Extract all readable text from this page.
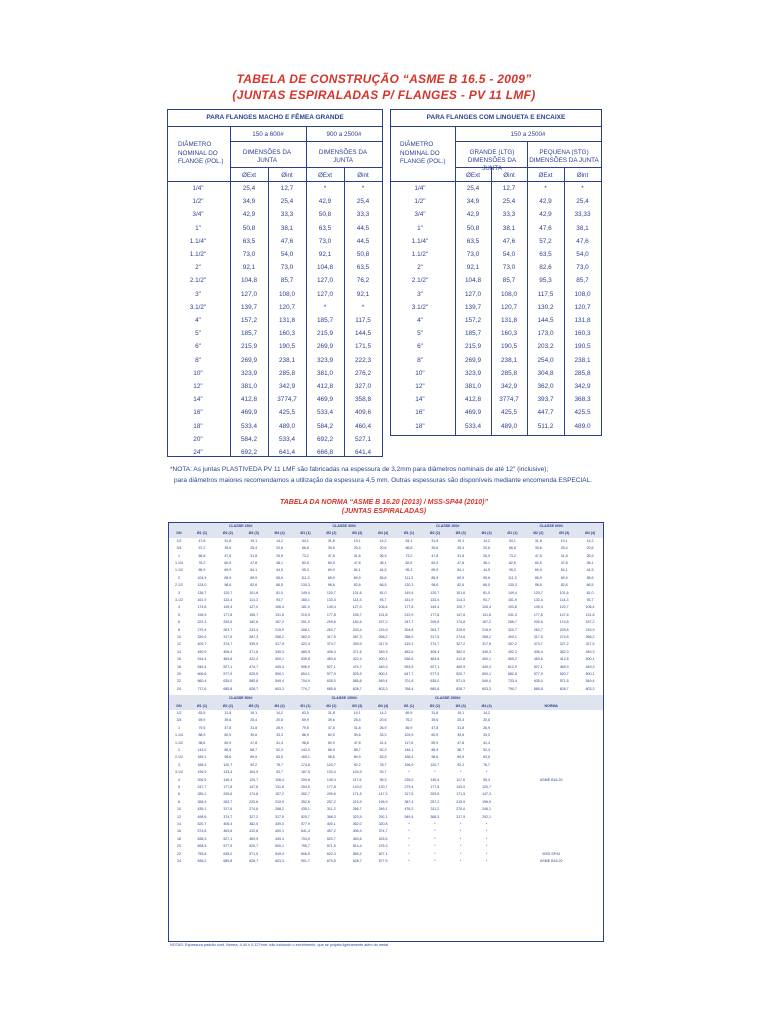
TABELA DE CONSTRUÇÃO “ASME B 16.5 - 2009”
(JUNTAS ESPIRALADAS P/ FLANGES - PV 11 LMF)
PARA FLANGES MACHO E FÊMEA GRANDE
150 a 600#	900 a 2500#
DIÂMETRO NOMINAL DO FLANGE (POL.)
DIMENSÕES DA JUNTA
DIMENSÕES DA JUNTA
ØExt	Øint	ØExt	Øint
1/4"	25,4	12,7	*	*
1/2"	34,9	25,4	42,9	25,4
3/4"	42,9	33,3	50,8	33,3
1"	50,8	38,1	63,5	44,5
1.1/4"	63,5	47,6	73,0	44,5
1.1/2"	73,0	54,0	92,1	50,8
2"	92,1	73,0	104,8	63,5
2.1/2"	104,8	85,7	127,0	76,2
3"	127,0	108,0	127,0	92,1
3.1/2"	139,7	120,7	*	*
4"	157,2	131,8	185,7	117,5
5"	185,7	160,3	215,9	144,5
6"	215,9	190,5	269,9	171,5
8"	269,9	238,1	323,9	222,3
10"	323,9	285,8	381,0	276,2
12"	381,0	342,9	412,8	327,0
14"	412,8	3774,7	469,9	358,8
16"	469,9	425,5	533,4	409,6
18"	533,4	489,0	584,2	460,4
20"	584,2	533,4	692,2	527,1
24"	692,2	641,4	666,8	641,4
PARA FLANGES COM LINGUETA E ENCAIXE
150 a 2500#
DIÂMETRO NOMINAL DO FLANGE (POL.)
GRANDE (LTG) DIMENSÕES DA JUNTA
PEQUENA (STG) DIMENSÕES DA JUNTA
ØExt	Øint	ØExt	Øint
1/4"	25,4	12,7	*	*
1/2"	34,9	25,4	42,9	25,4
3/4"	42,9	33,3	42,9	33,33
1"	50,8	38,1	47,6	38,1
1.1/4"	63,5	47,6	57,2	47,6
1.1/2"	73,0	54,0	63,5	54,0
2"	92,1	73,0	82,6	73,0
2.1/2"	104,8	85,7	95,3	85,7
3"	127,0	108,0	117,5	108,0
3.1/2"	139,7	120,7	130,2	120,7
4"	157,2	131,8	144,5	131,8
5"	185,7	160,3	173,0	160,3
6"	215,9	190,5	203,2	190,5
8"	269,9	238,1	254,0	238,1
10"	323,9	285,8	304,8	285,8
12"	381,0	342,9	362,0	342,9
14"	412,8	3774,7	393,7	368,3
16"	469,9	425,5	447,7	425,5
18"	533,4	489,0	511,2	489,0
*NOTA: As juntas PLASTIVEDA PV 11 LMF são fabricadas na espessura de 3,2mm para diâmetros nominais de até 12" (inclusive);
para diâmetros maiores recomendamos a utilização da espessura 4,5 mm. Outras espessuras são disponíveis mediante encomenda ESPECIAL.
TABELA DA NORMA “ASME B 16.20 (2013) / MSS-SP44 (2010)”
(JUNTAS ESPIRALADAS)
CLASSE 150#	CLASSE 300#	CLASSE 400#	CLASSE 600#
DN	Ø1 (1)	Ø2 (2)	Ø3 (3)	Ø4 (4)	Ø1 (1)	Ø2 (2)	Ø3 (3)	Ø4 (4)	Ø1 (1)	Ø2 (2)	Ø3 (3)	Ø4 (4)	Ø1 (1)	Ø2 (2)	Ø3 (3)	Ø4 (4)
1/2	47,8	31,8	19,1	14,2	54,1	31,8	19,1	14,2	54,1	31,8	19,1	14,2	54,1	31,8	19,1	14,2
3/4	57,2	39,6	25,4	20,6	66,8	39,6	25,4	20,6	66,8	39,6	25,4	20,6	66,8	39,6	25,4	20,6
1	66,8	47,8	31,8	26,9	73,2	47,8	31,8	26,9	73,2	47,8	31,8	26,9	73,2	47,8	31,8	26,9
1.1/4	76,2	60,5	47,8	38,1	82,6	60,5	47,8	38,1	82,6	60,5	47,8	38,1	82,6	60,5	47,8	38,1
1.1/2	85,9	69,9	54,1	44,5	95,3	69,9	54,1	44,5	95,3	69,9	54,1	44,5	95,3	69,9	54,1	44,5
2	104,9	85,9	69,9	55,6	111,3	85,9	69,9	55,6	111,3	85,9	69,9	55,6	111,3	85,9	69,9	55,6
2.1/2	124,0	98,6	82,6	66,5	130,3	98,6	82,6	66,5	130,3	98,6	82,6	66,5	130,3	98,6	82,6	66,5
3	136,7	120,7	101,6	81,0	149,4	120,7	101,6	81,0	149,4	120,7	101,6	81,0	149,4	120,7	101,6	81,0
3.1/2	161,9	133,4	114,3	93,7	165,1	133,4	114,3	93,7	161,9	133,4	114,3	93,7	161,9	133,4	114,3	93,7
4	174,8	149,4	127,0	106,4	181,0	149,4	127,0	106,4	177,8	149,4	120,7	106,4	193,8	149,4	120,7	106,4
5	196,9	177,8	155,7	131,8	215,9	177,8	155,7	131,8	212,9	177,8	147,6	131,8	241,3	177,8	147,6	131,8
6	222,3	209,6	182,6	157,2	251,0	209,6	182,6	157,2	247,7	209,6	174,8	157,2	266,7	209,6	174,8	157,2
8	279,4	263,7	233,4	215,9	308,1	263,7	233,4	215,9	304,8	263,7	225,6	215,9	320,7	263,7	225,6	215,9
10	339,9	317,5	287,3	268,2	362,0	317,5	287,3	268,2	358,9	317,5	274,6	268,2	400,1	317,5	274,6	268,2
12	409,7	374,7	339,9	317,5	422,4	374,7	339,9	317,5	419,1	374,7	327,2	317,5	457,2	374,7	327,2	317,5
14	450,9	406,4	371,6	349,3	485,9	406,4	371,6	349,3	482,6	406,4	362,0	349,3	492,3	406,4	362,0	349,3
16	514,4	463,6	422,4	400,1	539,8	463,6	422,4	400,1	536,6	463,6	412,8	400,1	565,2	463,6	412,8	400,1
18	549,4	527,1	474,7	449,3	596,9	527,1	474,7	449,3	593,9	527,1	469,9	449,3	612,9	527,1	469,9	449,3
20	606,6	577,9	525,5	500,1	654,1	577,9	525,5	500,1	647,7	577,9	520,7	500,1	682,8	577,9	520,7	500,1
22	660,4	635,0	585,8	549,4	704,9	635,0	585,8	549,4	701,8	635,0	571,5	549,4	733,4	635,0	571,5	549,4
24	717,6	685,8	628,7	603,3	774,7	685,8	628,7	603,3	768,4	685,8	628,7	603,3	790,7	685,8	628,7	603,3
CLASSE 900#	CLASSE 1500#	CLASSE 2500#
DN	Ø1 (1)	Ø2 (2)	Ø3 (3)	Ø4 (4)	Ø1 (1)	Ø2 (2)	Ø3 (3)	Ø4 (4)	Ø1 (1)	Ø2 (2)	Ø3 (3)	Ø4 (4)	NORMA
1/2	63,5	31,8	19,1	14,2	63,5	31,8	19,1	14,2	69,9	31,8	19,1	14,2
3/4	69,9	39,6	25,4	20,6	69,9	39,6	25,4	20,6	76,2	39,6	25,4	20,6
1	79,5	47,8	31,8	26,9	79,5	47,8	31,8	26,9	85,9	47,8	31,8	26,9
1.1/4	88,9	60,5	39,6	33,3	88,9	60,5	39,6	33,3	104,9	60,5	39,6	33,3
1.1/2	98,6	69,9	47,8	41,4	98,6	69,9	47,8	41,4	117,6	69,9	47,8	41,4
2	143,0	85,9	58,7	52,3	143,0	85,9	58,7	52,3	146,1	85,9	58,7	52,3
2.1/2	165,1	98,6	69,9	63,5	165,1	98,6	69,9	63,5	168,4	98,6	69,9	63,5
3	168,4	120,7	92,2	78,7	174,8	120,7	92,2	78,7	196,9	120,7	92,2	78,7
3.1/2	196,9	133,4	104,9	93,7	187,5	133,4	104,9	93,7	*	*	*	*
4	206,5	149,4	120,7	106,4	209,6	149,4	117,6	95,3	235,0	149,4	117,6	95,3	ASME B16.20
5	247,7	177,8	147,6	131,8	254,0	177,8	143,0	120,7	279,4	177,8	143,0	120,7
6	289,1	209,6	174,8	157,2	282,7	209,6	171,5	147,3	317,5	209,6	171,5	147,3
8	358,9	263,7	225,6	215,9	352,6	257,2	215,9	196,9	387,4	257,2	215,9	196,9
10	435,1	317,5	274,6	268,2	435,1	311,2	266,7	246,1	476,3	311,2	270,0	246,1
12	498,6	374,7	327,2	317,5	520,7	368,3	323,9	292,1	549,4	368,3	317,5	292,1
14	520,7	406,4	362,0	349,3	577,9	400,1	362,0	320,8	*	*	*	*
16	574,8	463,6	412,8	400,1	641,4	457,2	406,4	374,7	*	*	*	*
18	638,3	527,1	469,9	449,3	704,9	520,7	463,6	425,5	*	*	*	*
20	698,5	577,9	520,7	500,1	755,7	571,5	514,4	476,3	*	*	*	*
22	755,6	635,0	571,5	549,4	806,5	622,3	565,2	527,1	*	*	*	*	MSS SP44
24	838,2	685,8	628,7	603,3	901,7	679,5	628,7	577,9	*	*	*	*	ASME B16.20
NOTAS: Espessura padrão conf. Norma: 4,44 ± 0,127mm; não incluindo o enchimento, que se projeta ligeiramente além do metal.
